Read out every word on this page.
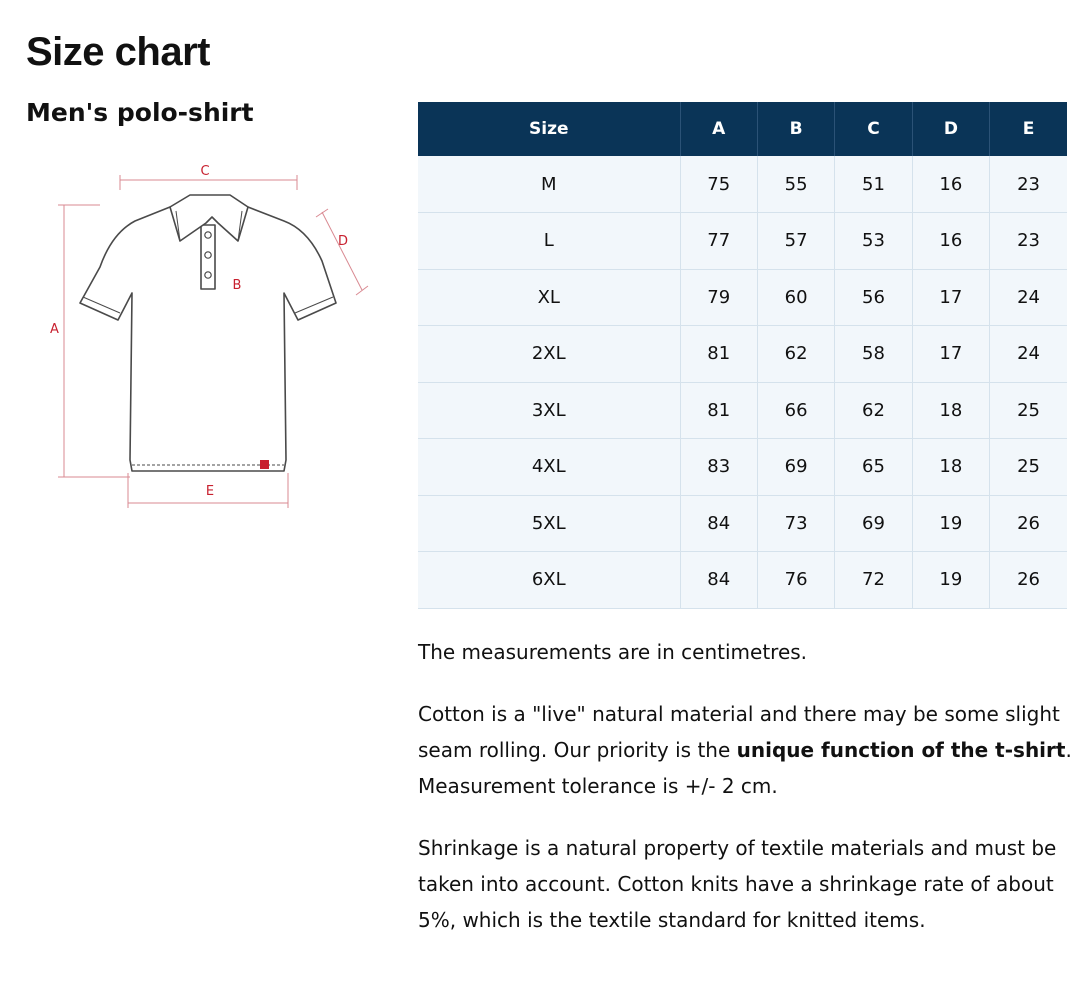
Size chart
Men's polo-shirt
C
A
B
D
E
Size	A	B	C	D	E
M	75	55	51	16	23
L	77	57	53	16	23
XL	79	60	56	17	24
2XL	81	62	58	17	24
3XL	81	66	62	18	25
4XL	83	69	65	18	25
5XL	84	73	69	19	26
6XL	84	76	72	19	26

The measurements are in centimetres.

Cotton is a "live" natural material and there may be some slight seam rolling. Our priority is the unique function of the t-shirt. Measurement tolerance is +/- 2 cm.

Shrinkage is a natural property of textile materials and must be taken into account. Cotton knits have a shrinkage rate of about 5%, which is the textile standard for knitted items.
